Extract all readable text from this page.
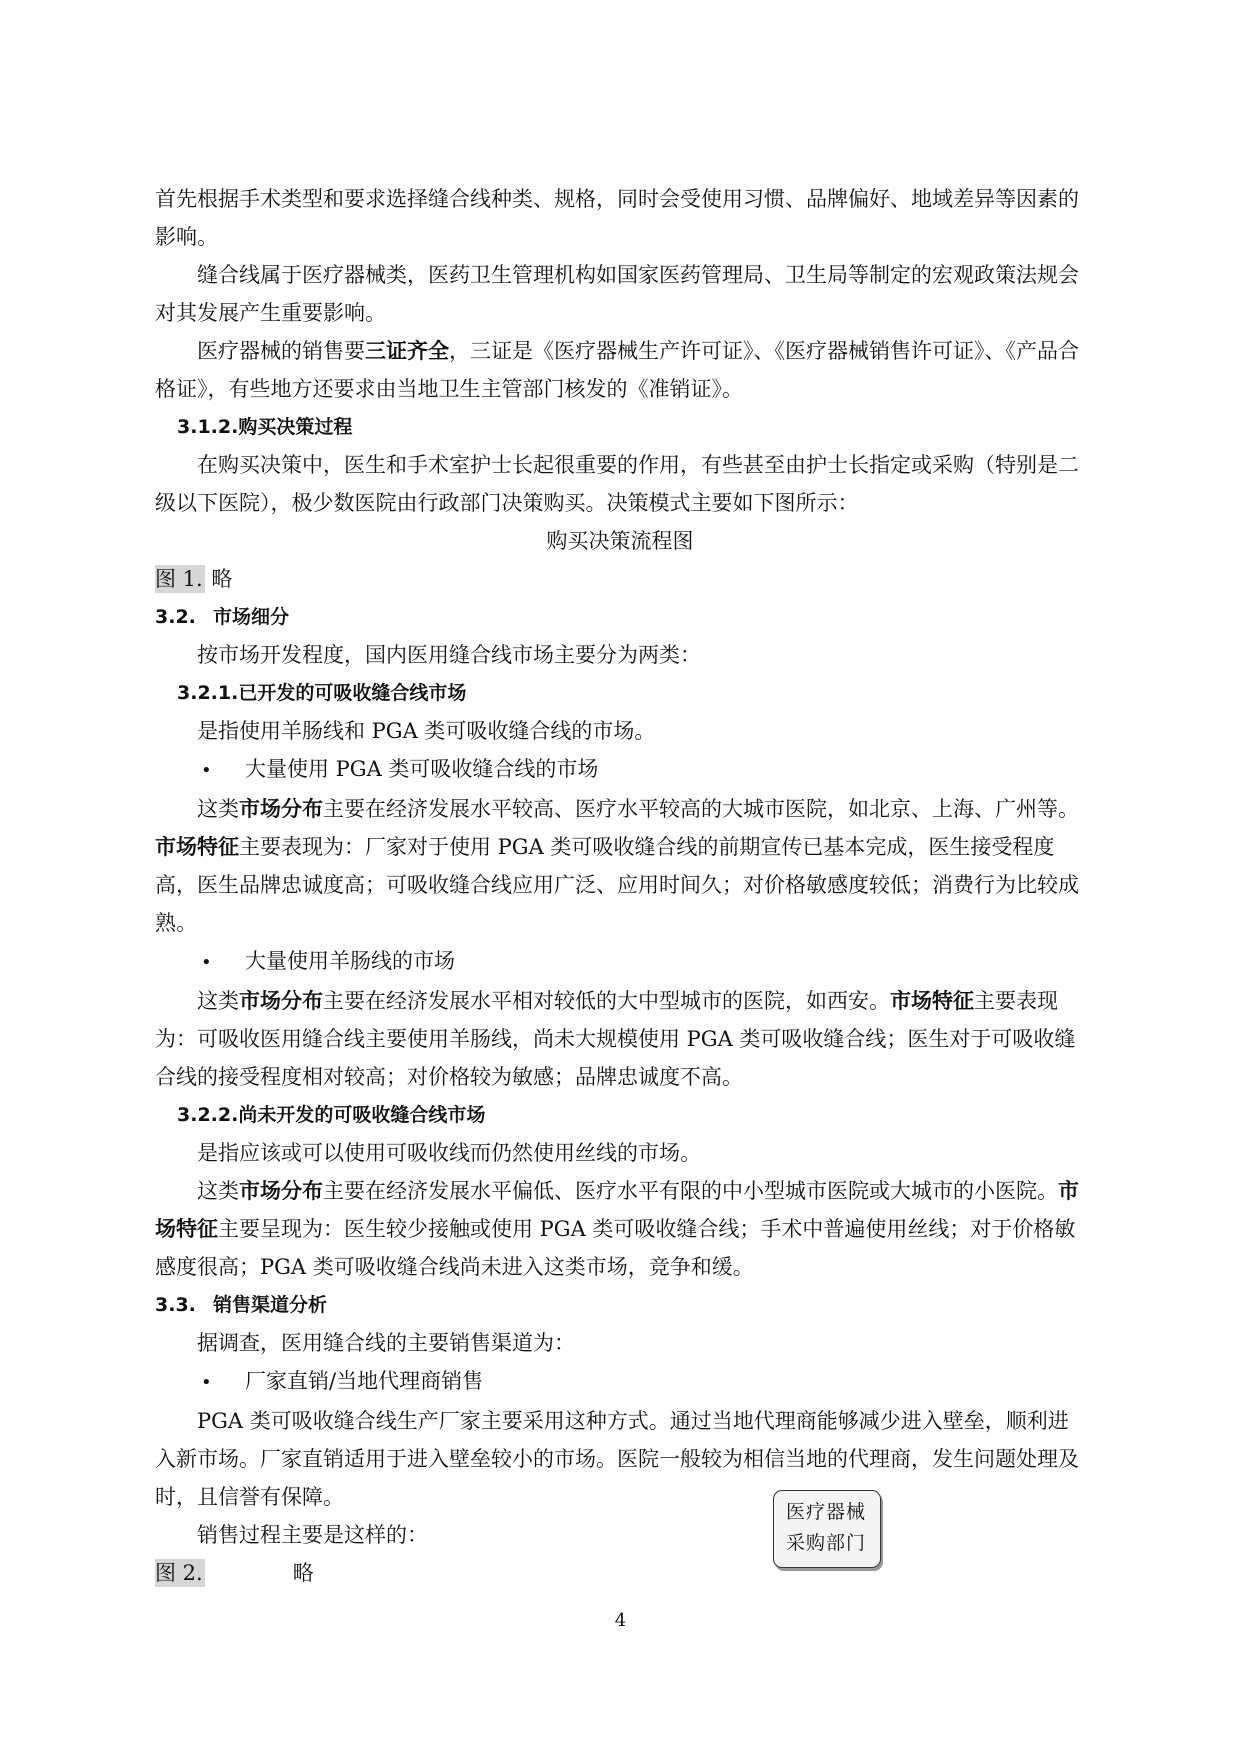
首先根据手术类型和要求选择缝合线种类、规格，同时会受使用习惯、品牌偏好、地域差异等因素的影响。

缝合线属于医疗器械类，医药卫生管理机构如国家医药管理局、卫生局等制定的宏观政策法规会对其发展产生重要影响。

医疗器械的销售要三证齐全，三证是《医疗器械生产许可证》、《医疗器械销售许可证》、《产品合格证》，有些地方还要求由当地卫生主管部门核发的《准销证》。

3.1.2.购买决策过程

在购买决策中，医生和手术室护士长起很重要的作用，有些甚至由护士长指定或采购（特别是二级以下医院），极少数医院由行政部门决策购买。决策模式主要如下图所示：

购买决策流程图

图 1. 略

3.2. 市场细分

按市场开发程度，国内医用缝合线市场主要分为两类：

3.2.1.已开发的可吸收缝合线市场

是指使用羊肠线和 PGA 类可吸收缝合线的市场。

• 大量使用 PGA 类可吸收缝合线的市场

这类市场分布主要在经济发展水平较高、医疗水平较高的大城市医院，如北京、上海、广州等。市场特征主要表现为：厂家对于使用 PGA 类可吸收缝合线的前期宣传已基本完成，医生接受程度高，医生品牌忠诚度高；可吸收缝合线应用广泛、应用时间久；对价格敏感度较低；消费行为比较成熟。

• 大量使用羊肠线的市场

这类市场分布主要在经济发展水平相对较低的大中型城市的医院，如西安。市场特征主要表现为：可吸收医用缝合线主要使用羊肠线，尚未大规模使用 PGA 类可吸收缝合线；医生对于可吸收缝合线的接受程度相对较高；对价格较为敏感；品牌忠诚度不高。

3.2.2.尚未开发的可吸收缝合线市场

是指应该或可以使用可吸收线而仍然使用丝线的市场。

这类市场分布主要在经济发展水平偏低、医疗水平有限的中小型城市医院或大城市的小医院。市场特征主要呈现为：医生较少接触或使用 PGA 类可吸收缝合线；手术中普遍使用丝线；对于价格敏感度很高；PGA 类可吸收缝合线尚未进入这类市场，竞争和缓。

3.3. 销售渠道分析

据调查，医用缝合线的主要销售渠道为：

• 厂家直销/当地代理商销售

PGA 类可吸收缝合线生产厂家主要采用这种方式。通过当地代理商能够减少进入壁垒，顺利进入新市场。厂家直销适用于进入壁垒较小的市场。医院一般较为相信当地的代理商，发生问题处理及时，且信誉有保障。

销售过程主要是这样的：

图 2.	略

医疗器械
采购部门
4
